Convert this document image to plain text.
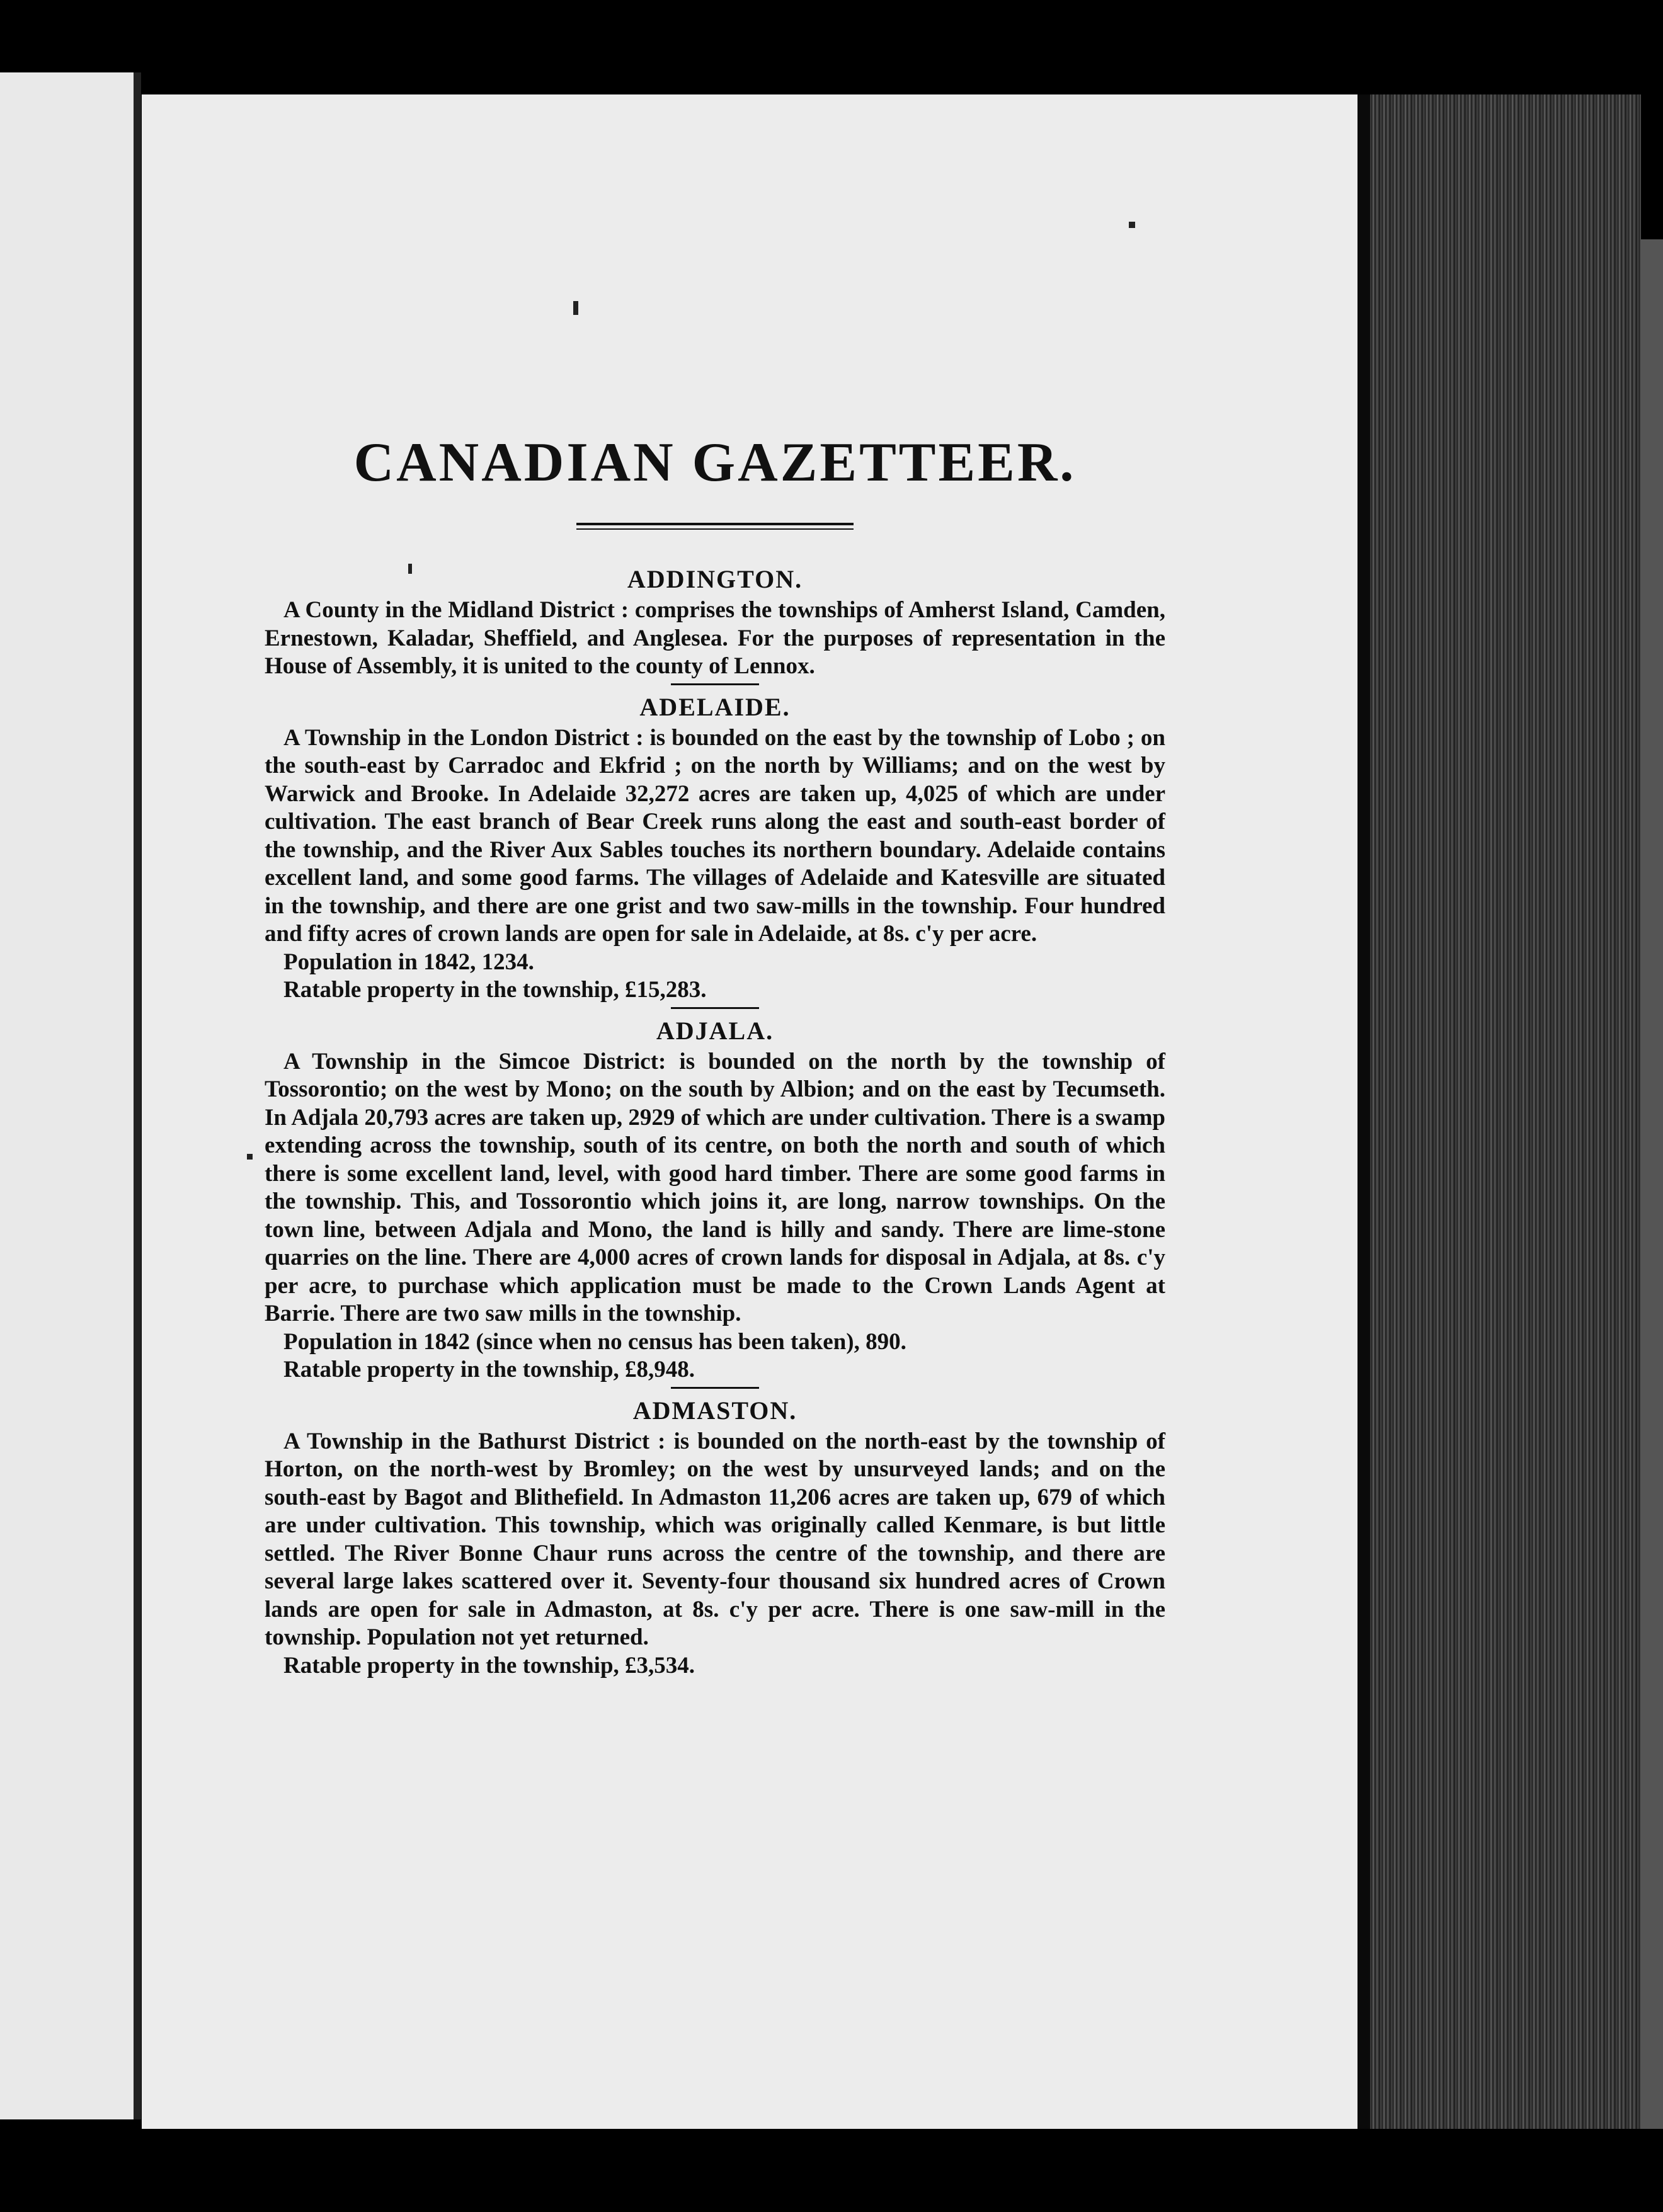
CANADIAN GAZETTEER.
ADDINGTON.

A County in the Midland District : comprises the townships of Amherst Island, Camden, Ernestown, Kaladar, Sheffield, and Anglesea. For the purposes of representation in the House of Assembly, it is united to the county of Lennox.

ADELAIDE.

A Township in the London District : is bounded on the east by the township of Lobo ; on the south-east by Carradoc and Ekfrid ; on the north by Williams; and on the west by Warwick and Brooke. In Adelaide 32,272 acres are taken up, 4,025 of which are under cultivation. The east branch of Bear Creek runs along the east and south-east border of the township, and the River Aux Sables touches its northern boundary. Adelaide contains excellent land, and some good farms. The villages of Adelaide and Katesville are situated in the township, and there are one grist and two saw-mills in the township. Four hundred and fifty acres of crown lands are open for sale in Adelaide, at 8s. c'y per acre.

Population in 1842, 1234.

Ratable property in the township, £15,283.

ADJALA.

A Township in the Simcoe District: is bounded on the north by the township of Tossorontio; on the west by Mono; on the south by Albion; and on the east by Tecumseth. In Adjala 20,793 acres are taken up, 2929 of which are under cultivation. There is a swamp extending across the township, south of its centre, on both the north and south of which there is some excellent land, level, with good hard timber. There are some good farms in the township. This, and Tossorontio which joins it, are long, narrow townships. On the town line, between Adjala and Mono, the land is hilly and sandy. There are lime-stone quarries on the line. There are 4,000 acres of crown lands for disposal in Adjala, at 8s. c'y per acre, to purchase which application must be made to the Crown Lands Agent at Barrie. There are two saw mills in the township.

Population in 1842 (since when no census has been taken), 890.

Ratable property in the township, £8,948.

ADMASTON.

A Township in the Bathurst District : is bounded on the north-east by the township of Horton, on the north-west by Bromley; on the west by unsurveyed lands; and on the south-east by Bagot and Blithefield. In Admaston 11,206 acres are taken up, 679 of which are under cultivation. This township, which was originally called Kenmare, is but little settled. The River Bonne Chaur runs across the centre of the township, and there are several large lakes scattered over it. Seventy-four thousand six hundred acres of Crown lands are open for sale in Admaston, at 8s. c'y per acre. There is one saw-mill in the township. Population not yet returned.

Ratable property in the township, £3,534.
